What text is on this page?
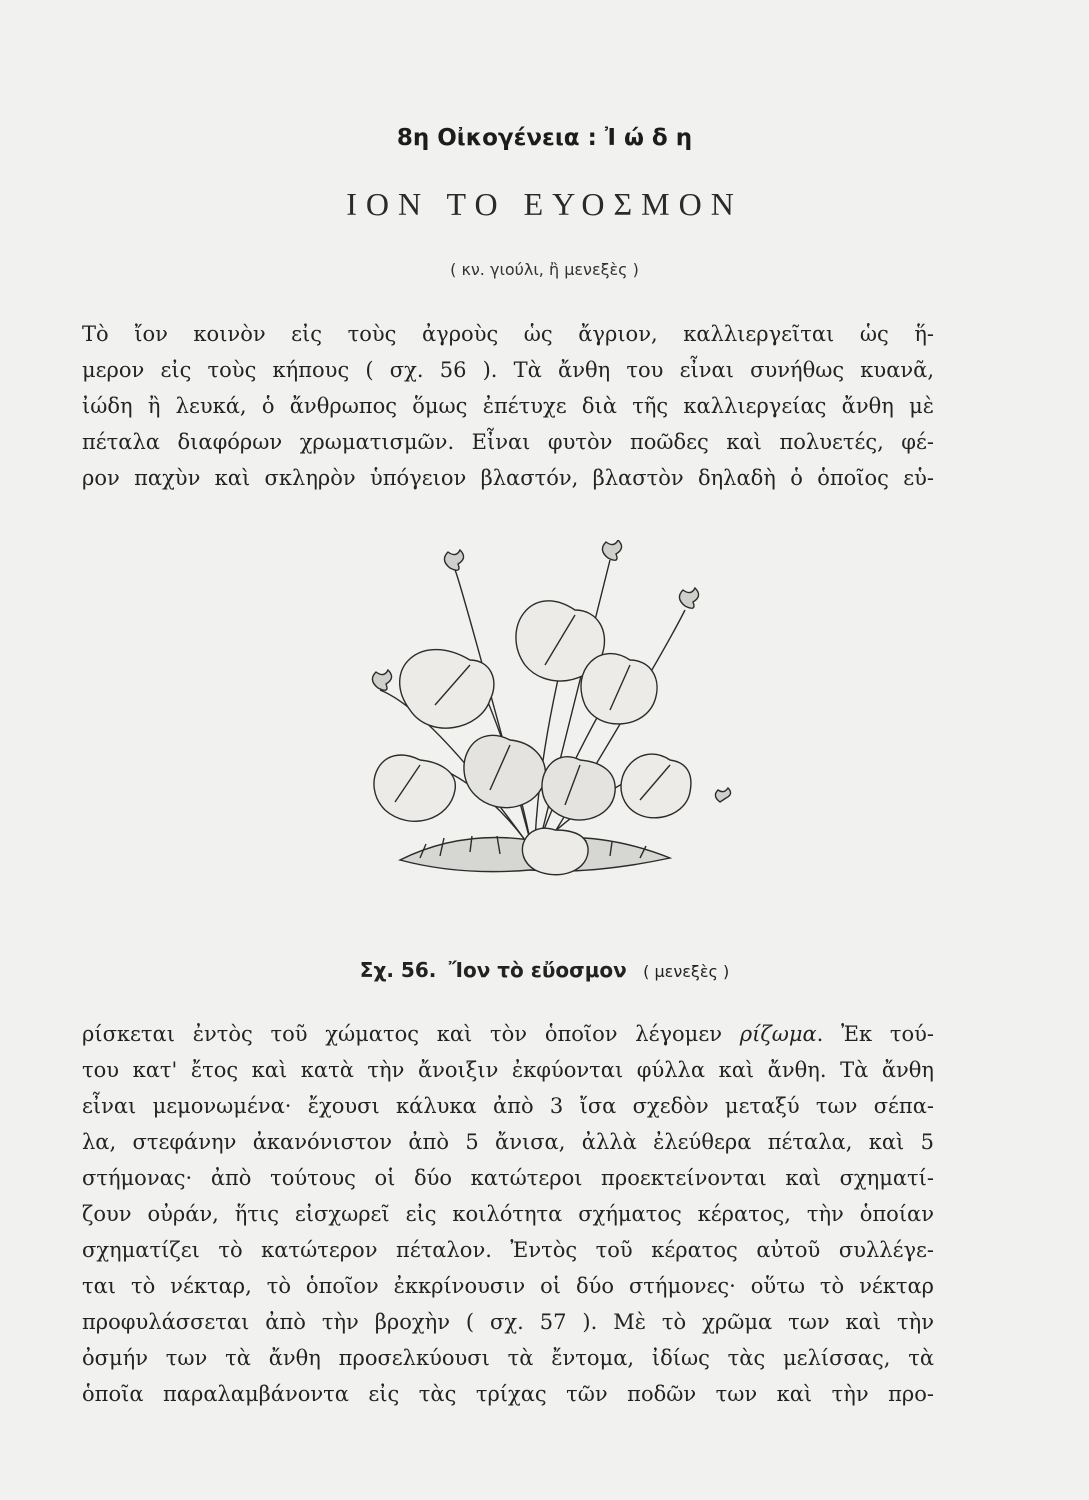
8η Οἰκογένεια : Ἰ ώ δ η
ΙΟΝ ΤΟ ΕΥΟΣΜΟΝ
( κν. γιούλι, ἢ μενεξὲς )
Τὸ ἴον κοινὸν εἰς τοὺς ἀγροὺς ὡς ἄγριον, καλλιεργεῖται ὡς ἥ-
μερον εἰς τοὺς κήπους ( σχ. 56 ). Τὰ ἄνθη του εἶναι συνήθως κυανᾶ,
ἰώδη ἢ λευκά, ὁ ἄνθρωπος ὅμως ἐπέτυχε διὰ τῆς καλλιεργείας ἄνθη μὲ
πέταλα διαφόρων χρωματισμῶν. Εἶναι φυτὸν ποῶδες καὶ πολυετές, φέ-
ρον παχὺν καὶ σκληρὸν ὑπόγειον βλαστόν, βλαστὸν δηλαδὴ ὁ ὁποῖος εὑ-
Σχ. 56. Ἴον τὸ εὔοσμον ( μενεξὲς )
ρίσκεται ἐντὸς τοῦ χώματος καὶ τὸν ὁποῖον λέγομεν ρίζωμα. Ἐκ τού-
του κατ' ἔτος καὶ κατὰ τὴν ἄνοιξιν ἐκφύονται φύλλα καὶ ἄνθη. Τὰ ἄνθη
εἶναι μεμονωμένα· ἔχουσι κάλυκα ἀπὸ 3 ἴσα σχεδὸν μεταξύ των σέπα-
λα, στεφάνην ἀκανόνιστον ἀπὸ 5 ἄνισα, ἀλλὰ ἐλεύθερα πέταλα, καὶ 5
στήμονας· ἀπὸ τούτους οἱ δύο κατώτεροι προεκτείνονται καὶ σχηματί-
ζουν οὐράν, ἥτις εἰσχωρεῖ εἰς κοιλότητα σχήματος κέρατος, τὴν ὁποίαν
σχηματίζει τὸ κατώτερον πέταλον. Ἐντὸς τοῦ κέρατος αὐτοῦ συλλέγε-
ται τὸ νέκταρ, τὸ ὁποῖον ἐκκρίνουσιν οἱ δύο στήμονες· οὕτω τὸ νέκταρ
προφυλάσσεται ἀπὸ τὴν βροχὴν ( σχ. 57 ). Μὲ τὸ χρῶμα των καὶ τὴν
ὀσμήν των τὰ ἄνθη προσελκύουσι τὰ ἔντομα, ἰδίως τὰς μελίσσας, τὰ
ὁποῖα παραλαμβάνοντα εἰς τὰς τρίχας τῶν ποδῶν των καὶ τὴν προ-
